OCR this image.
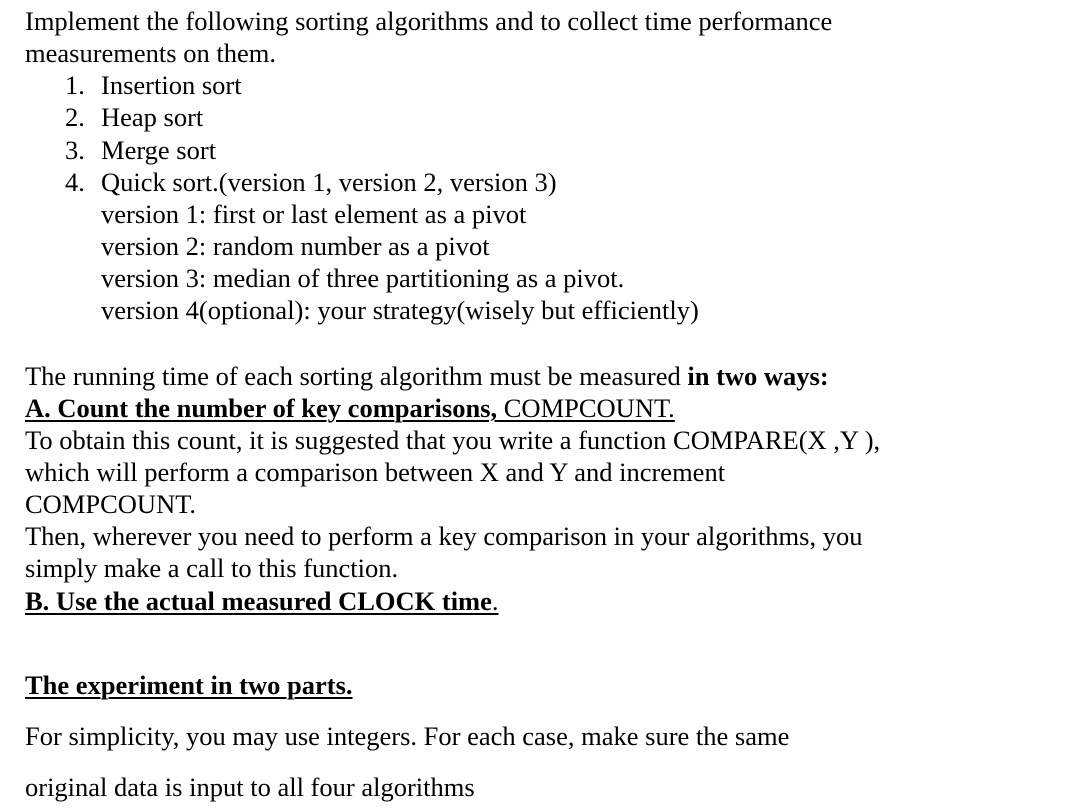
Implement the following sorting algorithms and to collect time performance
measurements on them.
1. Insertion sort
2. Heap sort
3. Merge sort
4. Quick sort.(version 1, version 2, version 3)
version 1: first or last element as a pivot
version 2: random number as a pivot
version 3: median of three partitioning as a pivot.
version 4(optional): your strategy(wisely but efficiently)
The running time of each sorting algorithm must be measured in two ways:
A. Count the number of key comparisons, COMPCOUNT.
To obtain this count, it is suggested that you write a function COMPARE(X ,Y ),
which will perform a comparison between X and Y and increment
COMPCOUNT.
Then, wherever you need to perform a key comparison in your algorithms, you
simply make a call to this function.
B. Use the actual measured CLOCK time.
The experiment in two parts.
For simplicity, you may use integers. For each case, make sure the same
original data is input to all four algorithms
